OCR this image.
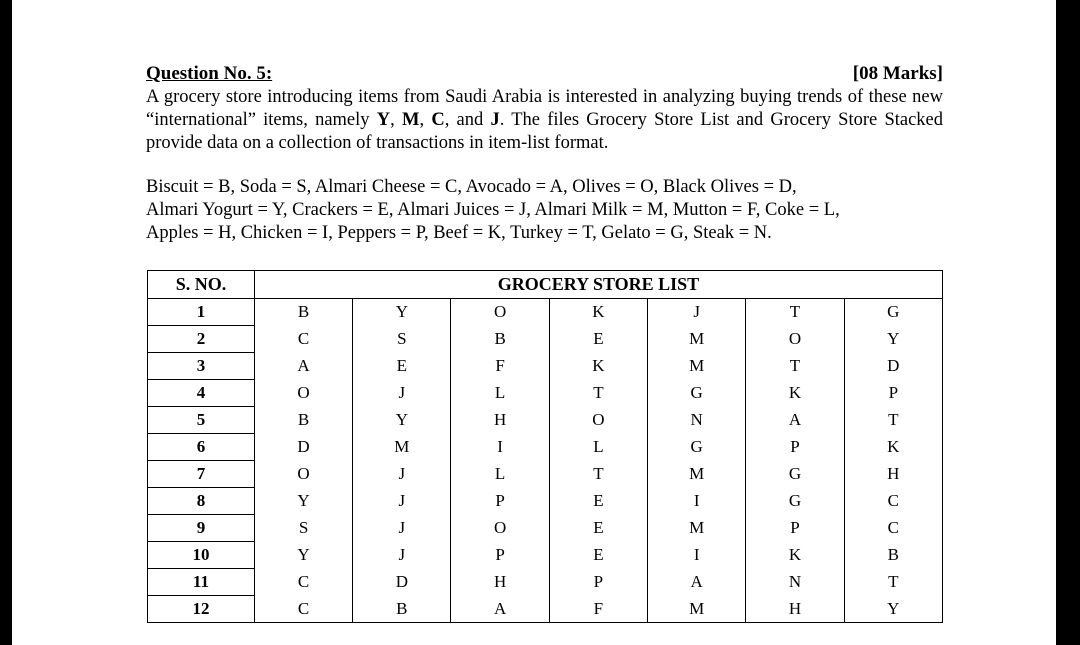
Question No. 5:	[08 Marks]
A grocery store introducing items from Saudi Arabia is interested in analyzing buying trends of these new “international” items, namely Y, M, C, and J. The files Grocery Store List and Grocery Store Stacked provide data on a collection of transactions in item-list format.
Biscuit = B, Soda = S, Almari Cheese = C, Avocado = A, Olives = O, Black Olives = D,
Almari Yogurt = Y, Crackers = E, Almari Juices = J, Almari Milk = M, Mutton = F, Coke = L,
Apples = H, Chicken = I, Peppers = P, Beef = K, Turkey = T, Gelato = G, Steak = N.
S. NO.	GROCERY STORE LIST						
1	B	Y	O	K	J	T	G
2	C	S	B	E	M	O	Y
3	A	E	F	K	M	T	D
4	O	J	L	T	G	K	P
5	B	Y	H	O	N	A	T
6	D	M	I	L	G	P	K
7	O	J	L	T	M	G	H
8	Y	J	P	E	I	G	C
9	S	J	O	E	M	P	C
10	Y	J	P	E	I	K	B
11	C	D	H	P	A	N	T
12	C	B	A	F	M	H	Y
